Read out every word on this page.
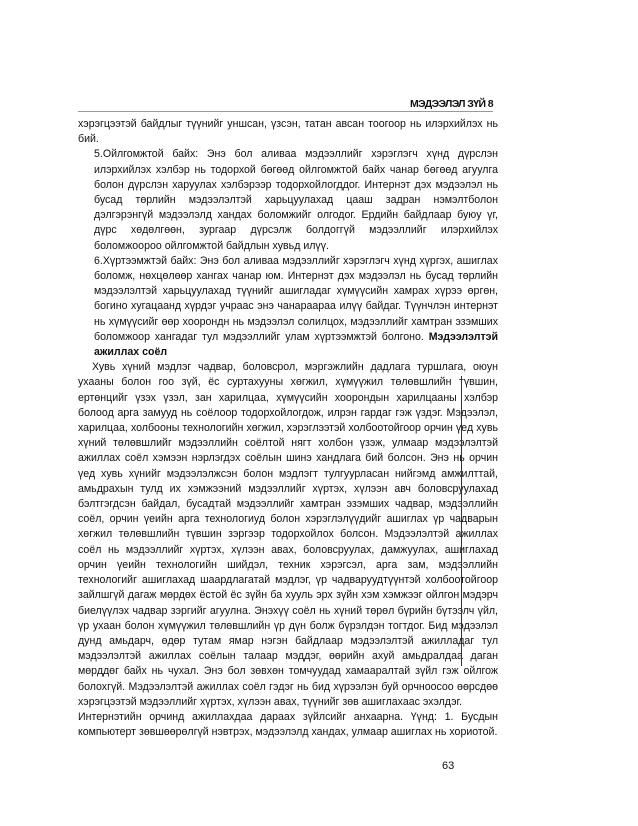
МЭДЭЭЛЭЛ ЗҮЙ 8

хэрэгцээтэй байдлыг түүнийг уншсан, үзсэн, татан авсан тоогоор нь илэрхийлэх нь бий.

5.Ойлгомжтой байх: Энэ бол аливаа мэдээллийг хэрэглэгч хүнд дүрслэн илэрхийлэх хэлбэр нь тодорхой бөгөөд ойлгомжтой байх чанар бөгөөд агуулга болон дүрслэн харуулах хэлбэрээр тодорхойлогддог. Интернэт дэх мэдээлэл нь бусад төрлийн мэдээлэлтэй харьцуулахад цааш задран нэмэлтболон дэлгэрэнгүй мэдээлэлд хандах боломжийг олгодог. Ердийн байдлаар буюу үг, дүрс хөдөлгөөн, зургаар дүрсэлж болдоггүй мэдээллийг илэрхийлэх боломжоороо ойлгомжтой байдлын хувьд илүү.

6.Хүртээмжтэй байх: Энэ бол аливаа мэдээллийг хэрэглэгч хүнд хүргэх, ашиглах боломж, нөхцөлөөр хангах чанар юм. Интернэт дэх мэдээлэл нь бусад төрлийн мэдээлэлтэй харьцуулахад түүнийг ашигладаг хүмүүсийн хамрах хүрээ өргөн, богино хугацаанд хүрдэг учраас энэ чанараараа илүү байдаг. Түүнчлэн интернэт нь хүмүүсийг өөр хоорондн нь мэдээлэл солилцох, мэдээллийг хамтран эзэмших боломжоор хангадаг тул мэдээллийг улам хүртээмжтэй болгоно. Мэдээлэлтэй ажиллах соёл

Хувь хүний мэдлэг чадвар, боловсрол, мэргэжлийн дадлага туршлага, оюун ухааны болон гоо зүй, ёс суртахууны хөгжил, хүмүүжил төлөвшлийн түвшин, ертөнцийг үзэх үзэл, зан харилцаа, хүмүүсийн хоорондын харилцааны хэлбэр болоод арга замууд нь соёлоор тодорхойлогдож, илрэн гардаг гэж үздэг. Мэдээлэл, харилцаа, холбооны технологийн хөгжил, хэрэглээтэй холбоотойгоор орчин үед хувь хүний төлөвшлийг мэдээллийн соёлтой нягт холбон үзэж, улмаар мэдээлэлтэй ажиллах соёл хэмээн нэрлэгдэх соёлын шинэ хандлага бий болсон. Энэ нь орчин үед хувь хүнийг мэдээлэлжсэн болон мэдлэгт тулгуурласан нийгэмд амжилттай, амьдрахын тулд их хэмжээний мэдээллийг хүртэх, хүлээн авч боловсруулахад бэлтгэгдсэн байдал, бусадтай мэдээллийг хамтран эзэмших чадвар, мэдээллийн соёл, орчин үеийн арга технологиуд болон хэрэглэлүүдийг ашиглах үр чадварын хөгжил төлөвшлийн түвшин зэргээр тодорхойлох болсон. Мэдээлэлтэй ажиллах соёл нь мэдээллийг хүртэх, хүлээн авах, боловсруулах, дамжуулах, ашиглахад орчин үеийн технологийн шийдэл, техник хэрэгсэл, арга зам, мэдээллийн технологийг ашиглахад шаардлагатай мэдлэг, үр чадваруудтүүнтэй холбоотойгоор зайлшгүй дагаж мөрдөх ёстой ёс зүйн ба хууль эрх зүйн хэм хэмжээг ойлгон мэдэрч биелүүлэх чадвар зэргийг агуулна. Энэхүү соёл нь хүний төрөл бүрийн бүтээлч үйл, үр ухаан болон хүмүүжил төлөвшлийн үр дүн болж бүрэлдэн тогтдог. Бид мэдээлэл дунд амьдарч, өдөр тутам ямар нэгэн байдлаар мэдээлэлтэй ажилладаг тул мэдээлэлтэй ажиллах соёлын талаар мэддэг, өөрийн ахуй амьдралдаа даган мөрддөг байх нь чухал. Энэ бол зөвхөн томчуудад хамааралтай зүйл гэж ойлгож болохгүй. Мэдээлэлтэй ажиллах соёл гэдэг нь бид хүрээлэн буй орчноосоо өөрсдөө хэрэгцээтэй мэдээллийг хүртэх, хүлээн авах, түүнийг зөв ашиглахаас эхэлдэг.

Интернэтийн орчинд ажиллахдаа дараах зүйлсийг анхаарна. Үүнд: 1. Бусдын компьютерт зөвшөөрөлгүй нэвтрэх, мэдээлэлд хандах, улмаар ашиглах нь хориотой.

63
